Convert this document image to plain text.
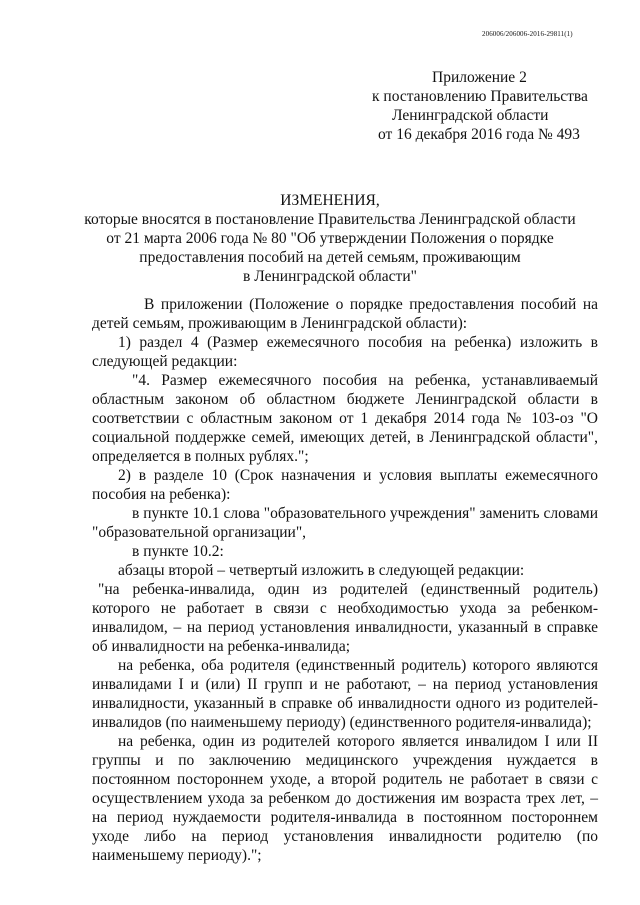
206006/206006-2016-29811(1)
Приложение 2
к постановлению Правительства
Ленинградской области
от 16 декабря 2016 года № 493
ИЗМЕНЕНИЯ,
которые вносятся в постановление Правительства Ленинградской области
от 21 марта 2006 года № 80 "Об утверждении Положения о порядке
предоставления пособий на детей семьям, проживающим
в Ленинградской области"

В приложении (Положение о порядке предоставления пособий на детей семьям, проживающим в Ленинградской области):

1) раздел 4 (Размер ежемесячного пособия на ребенка) изложить в следующей редакции:

"4. Размер ежемесячного пособия на ребенка, устанавливаемый областным законом об областном бюджете Ленинградской области в соответствии с областным законом от 1 декабря 2014 года № 103-оз "О социальной поддержке семей, имеющих детей, в Ленинградской области", определяется в полных рублях.";

2) в разделе 10 (Срок назначения и условия выплаты ежемесячного пособия на ребенка):

в пункте 10.1 слова "образовательного учреждения" заменить словами "образовательной организации",

в пункте 10.2:

абзацы второй – четвертый изложить в следующей редакции:

"на ребенка-инвалида, один из родителей (единственный родитель) которого не работает в связи с необходимостью ухода за ребенком-инвалидом, – на период установления инвалидности, указанный в справке об инвалидности на ребенка-инвалида;

на ребенка, оба родителя (единственный родитель) которого являются инвалидами I и (или) II групп и не работают, – на период установления инвалидности, указанный в справке об инвалидности одного из родителей-инвалидов (по наименьшему периоду) (единственного родителя-инвалида);

на ребенка, один из родителей которого является инвалидом I или II группы и по заключению медицинского учреждения нуждается в постоянном постороннем уходе, а второй родитель не работает в связи с осуществлением ухода за ребенком до достижения им возраста трех лет, – на период нуждаемости родителя-инвалида в постоянном постороннем уходе либо на период установления инвалидности родителю (по наименьшему периоду).";
